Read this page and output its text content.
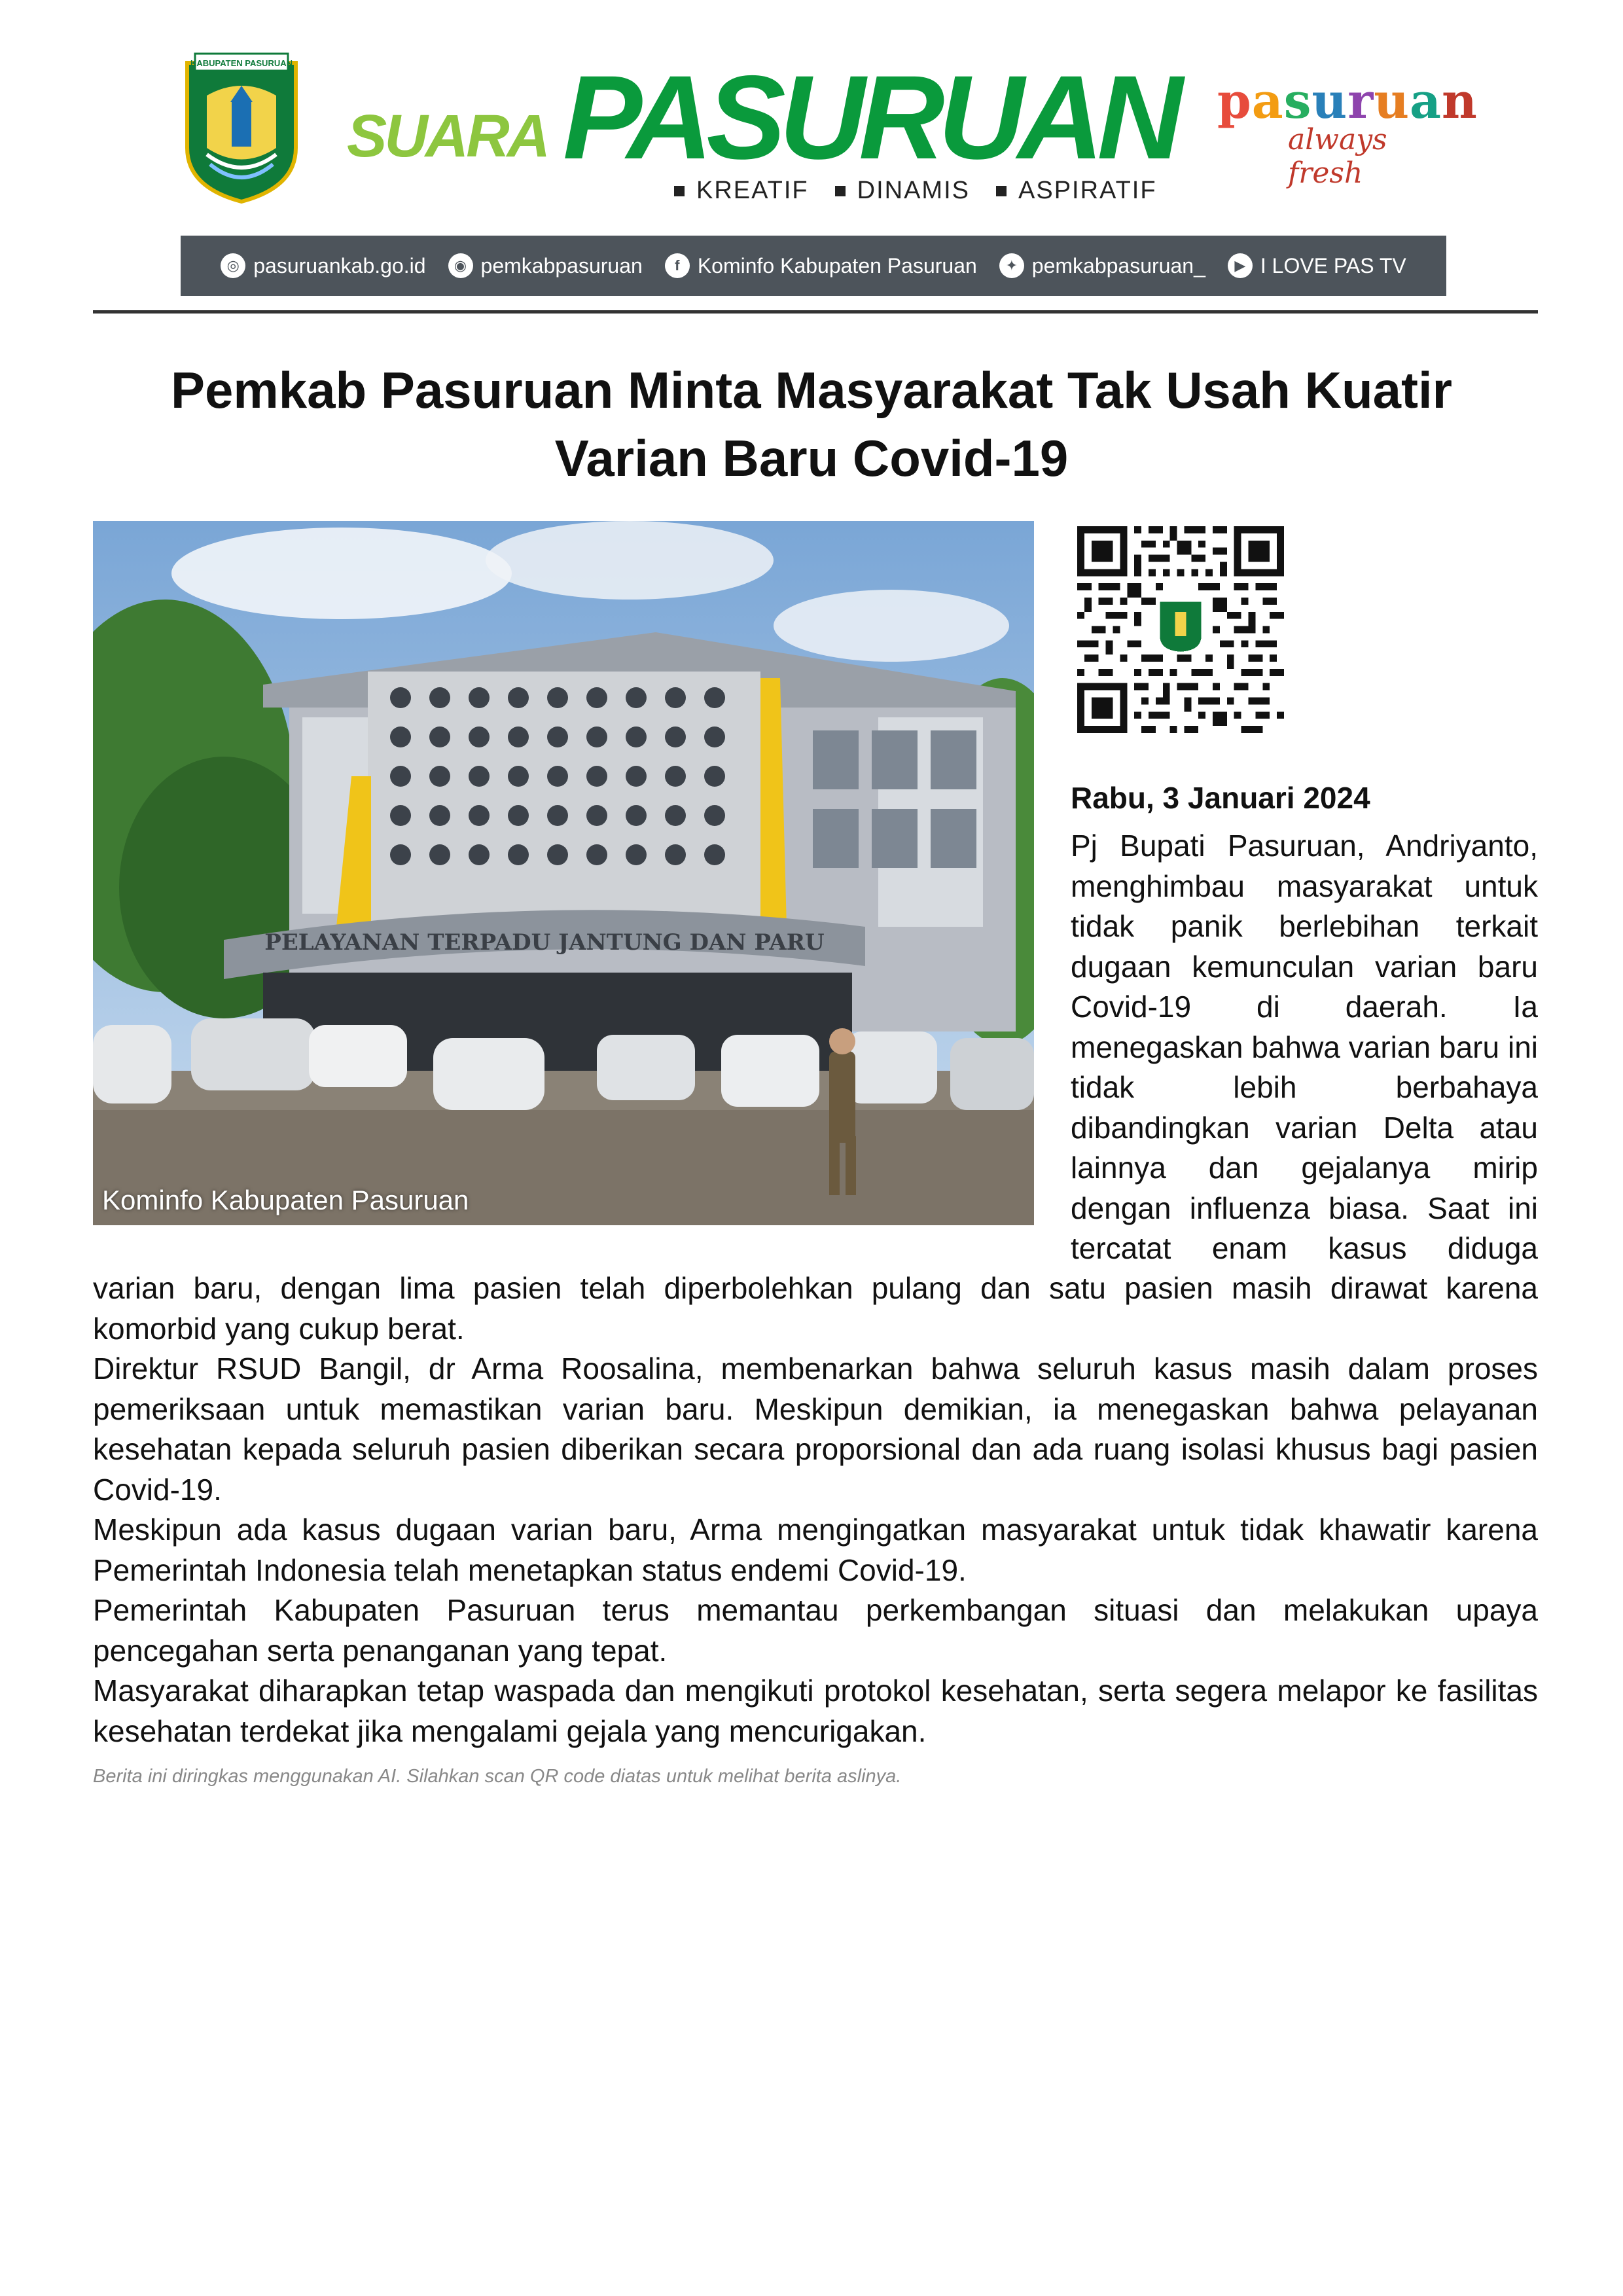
KABUPATEN PASURUAN
SUARA PASURUAN
KREATIF DINAMIS ASPIRATIF
pasuruan
always fresh
◎ pasuruankab.go.id	◉ pemkabpasuruan	f Kominfo Kabupaten Pasuruan	✦ pemkabpasuruan_	▶ I LOVE PAS TV
Pemkab Pasuruan Minta Masyarakat Tak Usah Kuatir Varian Baru Covid-19
PELAYANAN TERPADU JANTUNG DAN PARU
Kominfo Kabupaten Pasuruan
Rabu, 3 Januari 2024
Pj Bupati Pasuruan, Andriyanto, menghimbau masyarakat untuk tidak panik berlebihan terkait dugaan kemunculan varian baru Covid-19 di daerah. Ia menegaskan bahwa varian baru ini tidak lebih berbahaya dibandingkan varian Delta atau lainnya dan gejalanya mirip dengan influenza biasa. Saat ini tercatat enam kasus diduga

varian baru, dengan lima pasien telah diperbolehkan pulang dan satu pasien masih dirawat karena komorbid yang cukup berat.

Direktur RSUD Bangil, dr Arma Roosalina, membenarkan bahwa seluruh kasus masih dalam proses pemeriksaan untuk memastikan varian baru. Meskipun demikian, ia menegaskan bahwa pelayanan kesehatan kepada seluruh pasien diberikan secara proporsional dan ada ruang isolasi khusus bagi pasien Covid-19.

Meskipun ada kasus dugaan varian baru, Arma mengingatkan masyarakat untuk tidak khawatir karena Pemerintah Indonesia telah menetapkan status endemi Covid-19.

Pemerintah Kabupaten Pasuruan terus memantau perkembangan situasi dan melakukan upaya pencegahan serta penanganan yang tepat.

Masyarakat diharapkan tetap waspada dan mengikuti protokol kesehatan, serta segera melapor ke fasilitas kesehatan terdekat jika mengalami gejala yang mencurigakan.

Berita ini diringkas menggunakan AI. Silahkan scan QR code diatas untuk melihat berita aslinya.
